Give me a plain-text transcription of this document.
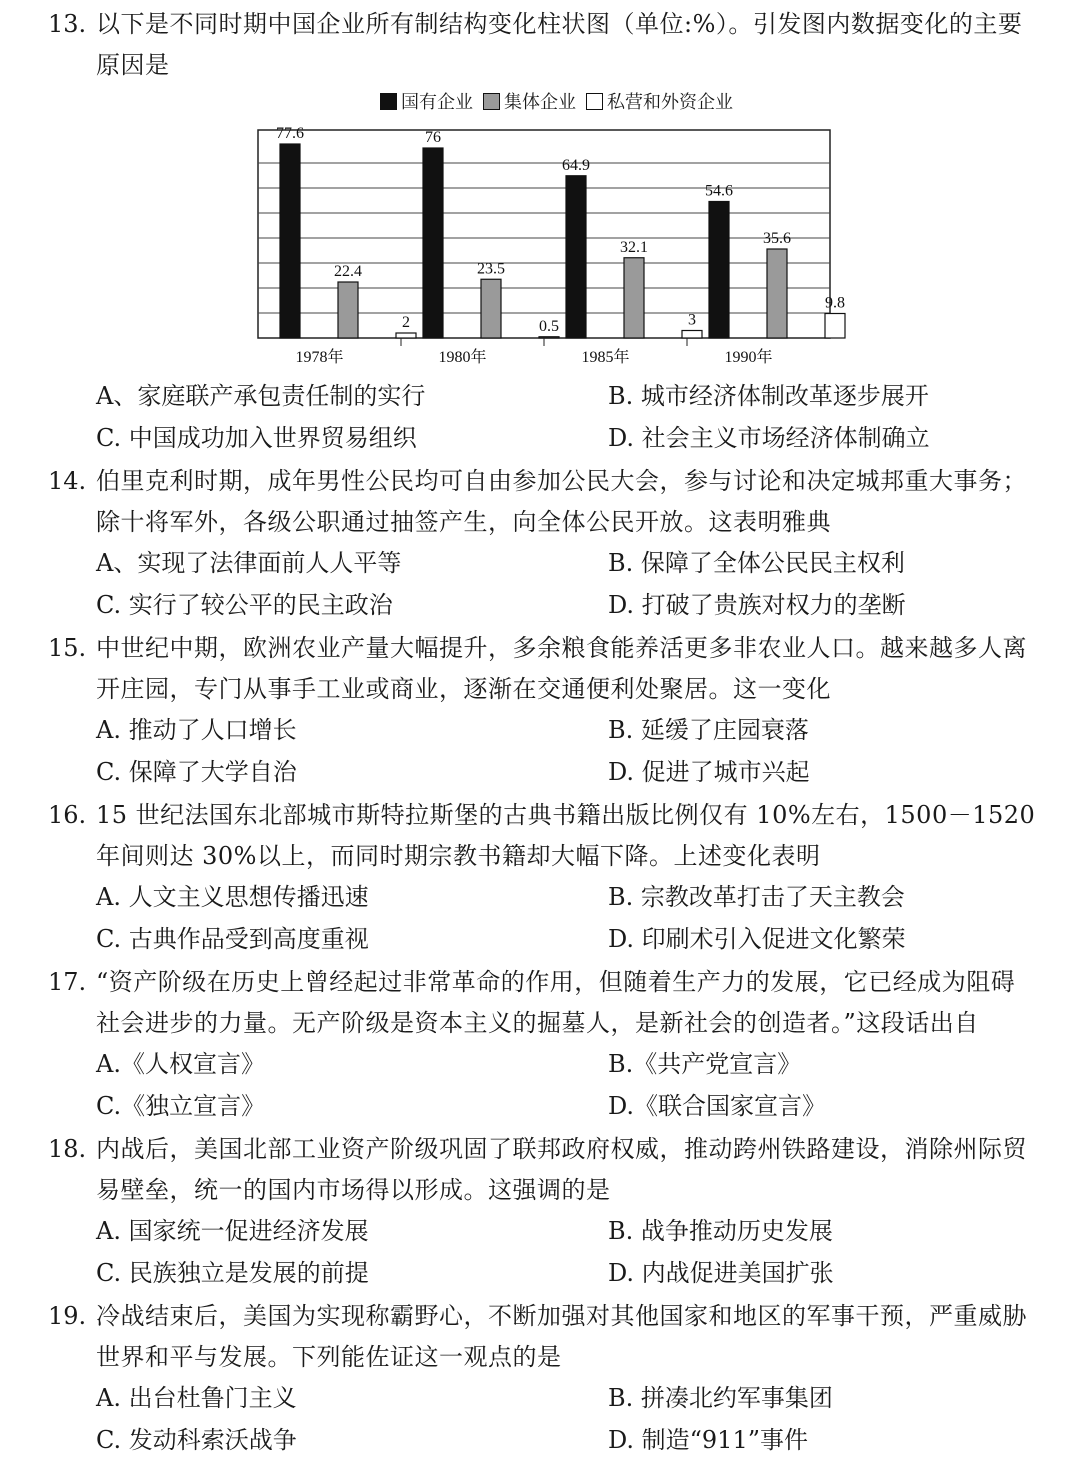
13. 以下是不同时期中国企业所有制结构变化柱状图（单位:%）。引发图内数据变化的主要原因是
A、家庭联产承包责任制的实行	B. 城市经济体制改革逐步展开
C. 中国成功加入世界贸易组织	D. 社会主义市场经济体制确立
14. 伯里克利时期，成年男性公民均可自由参加公民大会，参与讨论和决定城邦重大事务；除十将军外，各级公职通过抽签产生，向全体公民开放。这表明雅典
A、实现了法律面前人人平等	B. 保障了全体公民民主权利
C. 实行了较公平的民主政治	D. 打破了贵族对权力的垄断
15. 中世纪中期，欧洲农业产量大幅提升，多余粮食能养活更多非农业人口。越来越多人离开庄园，专门从事手工业或商业，逐渐在交通便利处聚居。这一变化
A. 推动了人口增长	B. 延缓了庄园衰落
C. 保障了大学自治	D. 促进了城市兴起
16. 15 世纪法国东北部城市斯特拉斯堡的古典书籍出版比例仅有 10%左右，1500－1520 年间则达 30%以上，而同时期宗教书籍却大幅下降。上述变化表明
A. 人文主义思想传播迅速	B. 宗教改革打击了天主教会
C. 古典作品受到高度重视	D. 印刷术引入促进文化繁荣
17. “资产阶级在历史上曾经起过非常革命的作用，但随着生产力的发展，它已经成为阻碍社会进步的力量。无产阶级是资本主义的掘墓人，是新社会的创造者。”这段话出自
A.《人权宣言》	B.《共产党宣言》
C.《独立宣言》	D.《联合国家宣言》
18. 内战后，美国北部工业资产阶级巩固了联邦政府权威，推动跨州铁路建设，消除州际贸易壁垒，统一的国内市场得以形成。这强调的是
A. 国家统一促进经济发展	B. 战争推动历史发展
C. 民族独立是发展的前提	D. 内战促进美国扩张
19. 冷战结束后，美国为实现称霸野心，不断加强对其他国家和地区的军事干预，严重威胁世界和平与发展。下列能佐证这一观点的是
A. 出台杜鲁门主义	B. 拼凑北约军事集团
C. 发动科索沃战争	D. 制造“911”事件
国有企业 集体企业 私营和外资企业
77.6
22.4
2
1978年
76
23.5
0.5
1980年
64.9
32.1
3
1985年
54.6
35.6
9.8
1990年
